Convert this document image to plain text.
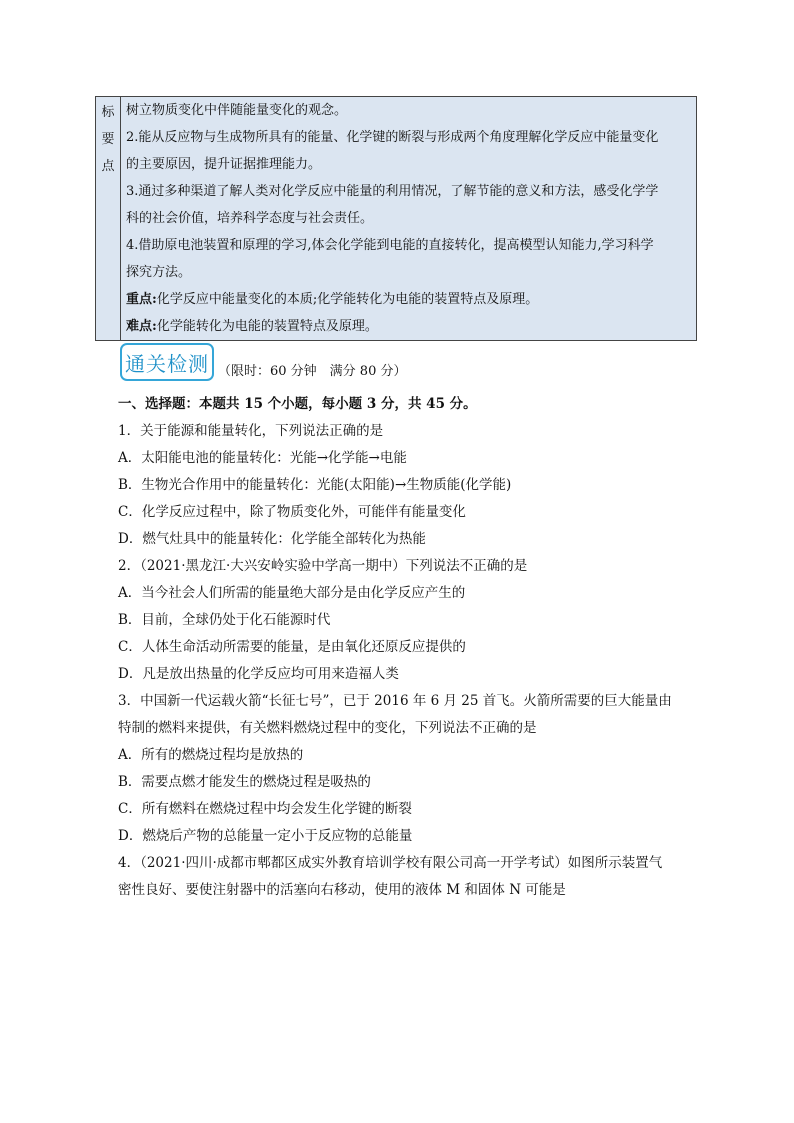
标
要
点
树立物质变化中伴随能量变化的观念。
2.能从反应物与生成物所具有的能量、化学键的断裂与形成两个角度理解化学反应中能量变化
的主要原因，提升证据推理能力。
3.通过多种渠道了解人类对化学反应中能量的利用情况，了解节能的意义和方法，感受化学学
科的社会价值，培养科学态度与社会责任。
4.借助原电池装置和原理的学习,体会化学能到电能的直接转化，提高模型认知能力,学习科学
探究方法。
重点:化学反应中能量变化的本质;化学能转化为电能的装置特点及原理。
难点:化学能转化为电能的装置特点及原理。
通关检测 （限时：60 分钟　满分 80 分）
一、选择题：本题共 15 个小题，每小题 3 分，共 45 分。
1．关于能源和能量转化，下列说法正确的是
A．太阳能电池的能量转化：光能→化学能→电能
B．生物光合作用中的能量转化：光能(太阳能)→生物质能(化学能)
C．化学反应过程中，除了物质变化外，可能伴有能量变化
D．燃气灶具中的能量转化：化学能全部转化为热能
2．（2021·黑龙江·大兴安岭实验中学高一期中）下列说法不正确的是
A．当今社会人们所需的能量绝大部分是由化学反应产生的
B．目前，全球仍处于化石能源时代
C．人体生命活动所需要的能量，是由氧化还原反应提供的
D．凡是放出热量的化学反应均可用来造福人类
3．中国新一代运载火箭“长征七号”，已于 2016 年 6 月 25 首飞。火箭所需要的巨大能量由
特制的燃料来提供，有关燃料燃烧过程中的变化，下列说法不正确的是
A．所有的燃烧过程均是放热的
B．需要点燃才能发生的燃烧过程是吸热的
C．所有燃料在燃烧过程中均会发生化学键的断裂
D．燃烧后产物的总能量一定小于反应物的总能量
4．（2021·四川·成都市郫都区成实外教育培训学校有限公司高一开学考试）如图所示装置气
密性良好、要使注射器中的活塞向右移动，使用的液体 M 和固体 N 可能是
